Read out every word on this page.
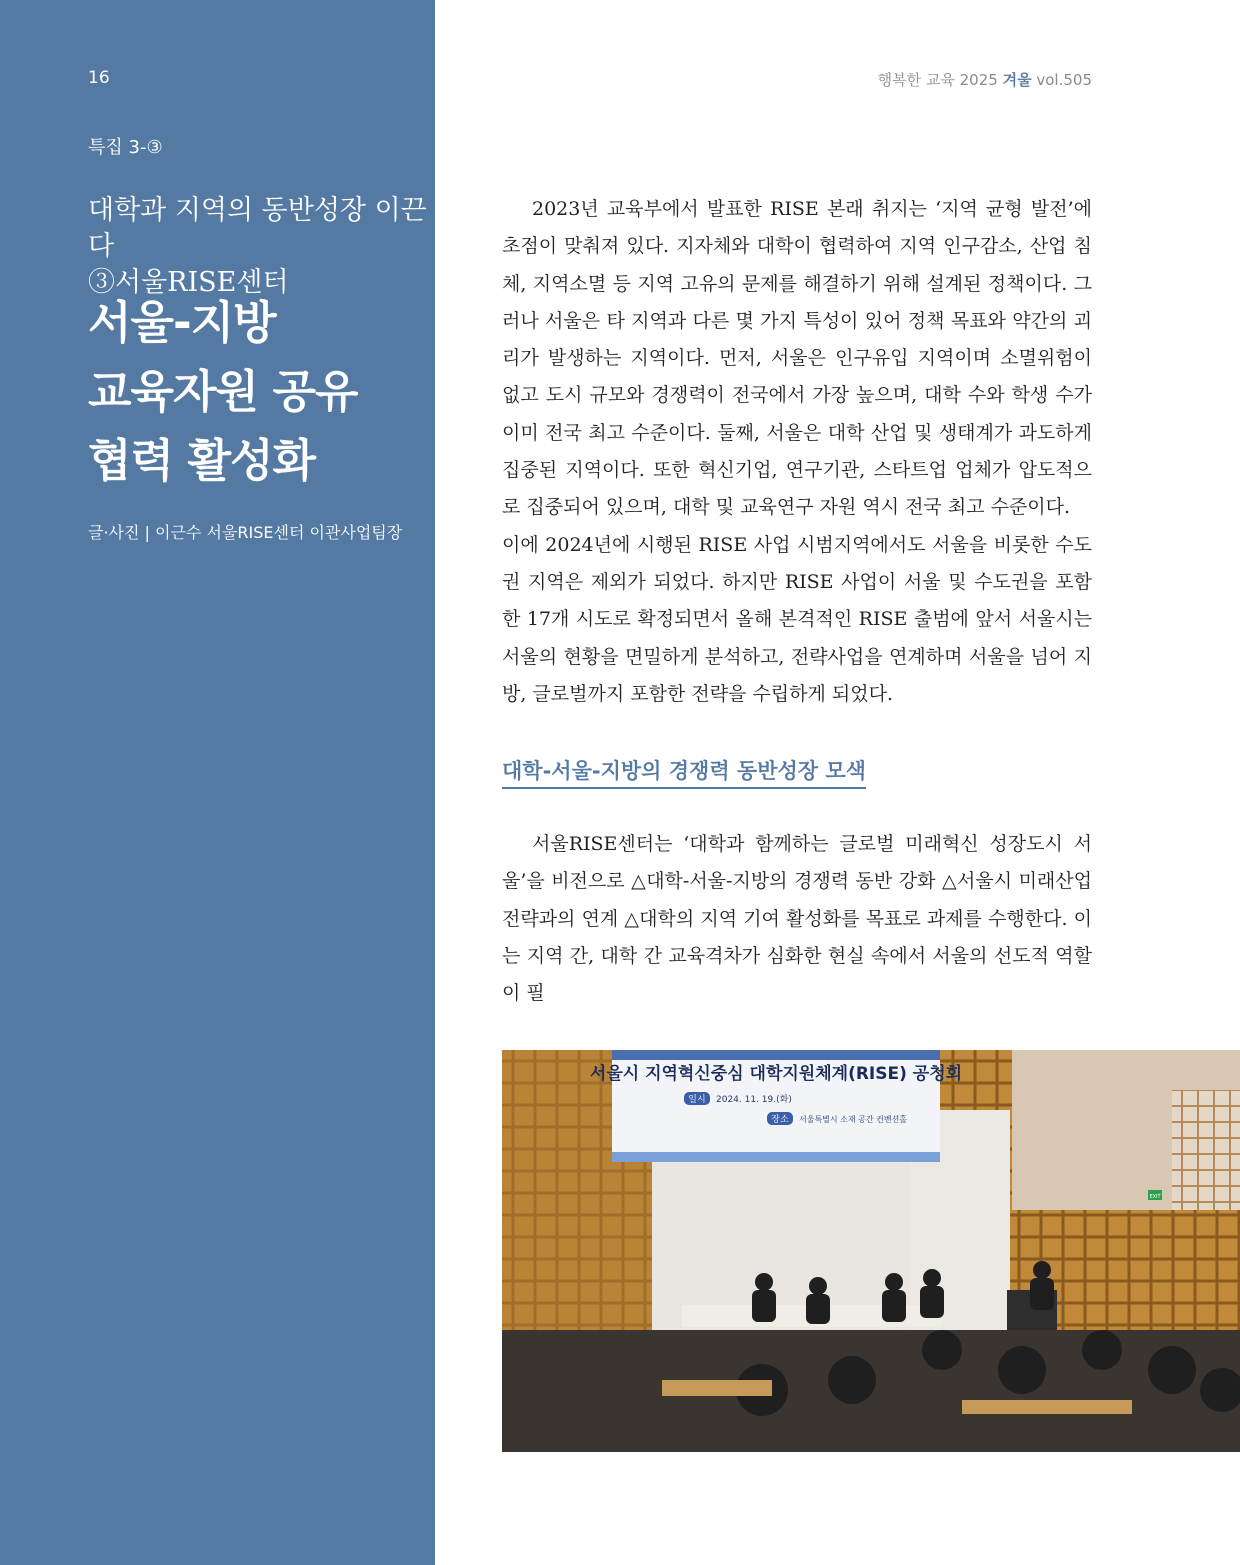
16
특집 3-③
대학과 지역의 동반성장 이끈다
③서울RISE센터
서울-지방
교육자원 공유
협력 활성화
글·사진 | 이근수 서울RISE센터 이관사업팀장
행복한 교육 2025 겨울 vol.505

2023년 교육부에서 발표한 RISE 본래 취지는 ‘지역 균형 발전’에 초점이 맞춰져 있다. 지자체와 대학이 협력하여 지역 인구감소, 산업 침체, 지역소멸 등 지역 고유의 문제를 해결하기 위해 설계된 정책이다. 그러나 서울은 타 지역과 다른 몇 가지 특성이 있어 정책 목표와 약간의 괴리가 발생하는 지역이다. 먼저, 서울은 인구유입 지역이며 소멸위험이 없고 도시 규모와 경쟁력이 전국에서 가장 높으며, 대학 수와 학생 수가 이미 전국 최고 수준이다. 둘째, 서울은 대학 산업 및 생태계가 과도하게 집중된 지역이다. 또한 혁신기업, 연구기관, 스타트업 업체가 압도적으로 집중되어 있으며, 대학 및 교육연구 자원 역시 전국 최고 수준이다.

이에 2024년에 시행된 RISE 사업 시범지역에서도 서울을 비롯한 수도권 지역은 제외가 되었다. 하지만 RISE 사업이 서울 및 수도권을 포함한 17개 시도로 확정되면서 올해 본격적인 RISE 출범에 앞서 서울시는 서울의 현황을 면밀하게 분석하고, 전략사업을 연계하며 서울을 넘어 지방, 글로벌까지 포함한 전략을 수립하게 되었다.

대학-서울-지방의 경쟁력 동반성장 모색

서울RISE센터는 ‘대학과 함께하는 글로벌 미래혁신 성장도시 서울’을 비전으로 △대학-서울-지방의 경쟁력 동반 강화 △서울시 미래산업전략과의 연계 △대학의 지역 기여 활성화를 목표로 과제를 수행한다. 이는 지역 간, 대학 간 교육격차가 심화한 현실 속에서 서울의 선도적 역할이 필

서울시 지역혁신중심 대학지원체계(RISE) 공청회
일시 2024. 11. 19.(화)
장소 서울특별시 소재 공간 컨벤션홀
EXIT
